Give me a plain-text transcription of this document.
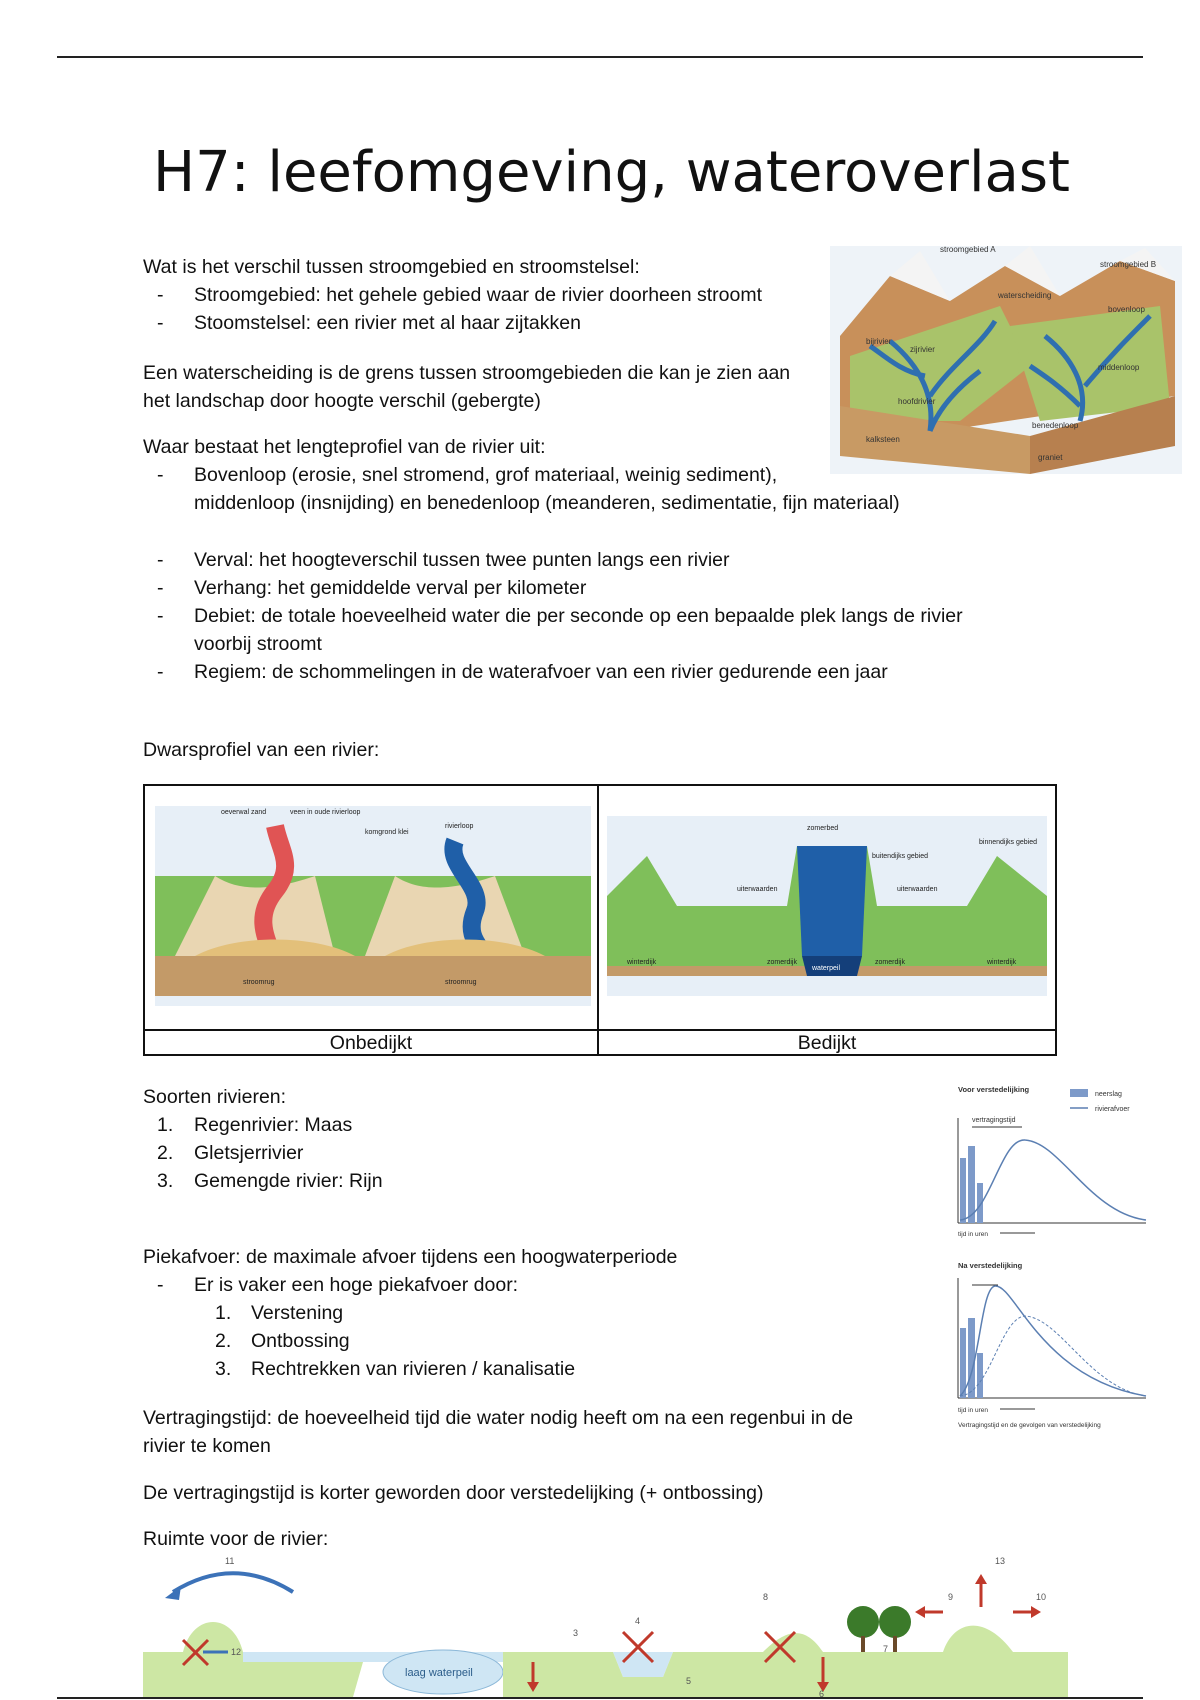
H7: leefomgeving, wateroverlast

Wat is het verschil tussen stroomgebied en stroomstelsel:

- Stroomgebied: het gehele gebied waar de rivier doorheen stroomt
- Stoomstelsel: een rivier met al haar zijtakken

Een waterscheiding is de grens tussen stroomgebieden die kan je zien aan

het landschap door hoogte verschil (gebergte)

Waar bestaat het lengteprofiel van de rivier uit:

- Bovenloop (erosie, snel stromend, grof materiaal, weinig sediment),
middenloop (insnijding) en benedenloop (meanderen, sedimentatie, fijn materiaal)
- Verval: het hoogteverschil tussen twee punten langs een rivier
- Verhang: het gemiddelde verval per kilometer
- Debiet: de totale hoeveelheid water die per seconde op een bepaalde plek langs de rivier
voorbij stroomt
- Regiem: de schommelingen in de waterafvoer van een rivier gedurende een jaar
Dwarsprofiel van een rivier:
stroomgebied A
stroomgebied B
waterscheiding
bovenloop
bijrivier
zijrivier
middenloop
hoofdrivier
benedenloop
kalksteen
graniet
oeverwal zand	veen in oude rivierloop
komgrond klei
rivierloop
stroomrug	stroomrug
zomerbed
uiterwaarden	uiterwaarden
buitendijks gebied
binnendijks gebied
winterdijk	zomerdijk
waterpeil
zomerdijk	winterdijk
Onbedijkt	Bedijkt

Soorten rivieren:

1. Regenrivier: Maas
2. Gletsjerrivier
3. Gemengde rivier: Rijn

Piekafvoer: de maximale afvoer tijdens een hoogwaterperiode

- Er is vaker een hoge piekafvoer door:
1. Verstening
2. Ontbossing
3. Rechtrekken van rivieren / kanalisatie

Vertragingstijd: de hoeveelheid tijd die water nodig heeft om na een regenbui in de

rivier te komen

De vertragingstijd is korter geworden door verstedelijking (+ ontbossing)
Ruimte voor de rivier:
Voor verstedelijking
neerslag
rivierafvoer
vertragingstijd
tijd in uren
Na verstedelijking
tijd in uren
Vertragingstijd en de gevolgen van verstedelijking
laag waterpeil
11
12
3
4
5
8
6
7
9
13
10
